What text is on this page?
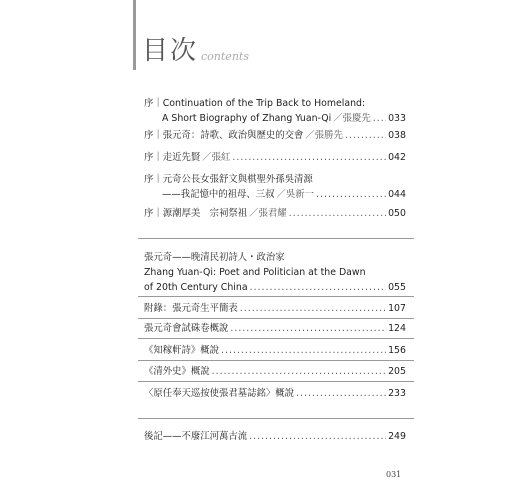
目次 contents
序｜Continuation of the Trip Back to Homeland:
A Short Biography of Zhang Yuan-Qi ／張慶先 ..... 033
序｜張元奇：詩歌、政治與歷史的交會 ／張勝先 .....	038
序｜走近先賢 ／張紅 .....	042
序｜元奇公長女張舒文與棋聖外孫吳清源
——我記憶中的祖母、三叔 ／吳新一 .....	044
序｜源潮厚美　宗祠祭祖 ／張君耀 .....	050
張元奇——晚清民初詩人・政治家
Zhang Yuan-Qi: Poet and Politician at the Dawn
of 20th Century China .....	055
附錄：張元奇生平簡表 .....	107
張元奇會試硃卷概說 .....	124
《知稼軒詩》概說 .....	156
《清外史》概說 .....	205
〈原任奉天巡按使張君墓誌銘〉概說 .....	233
後記——不廢江河萬古流 .....	249
031
